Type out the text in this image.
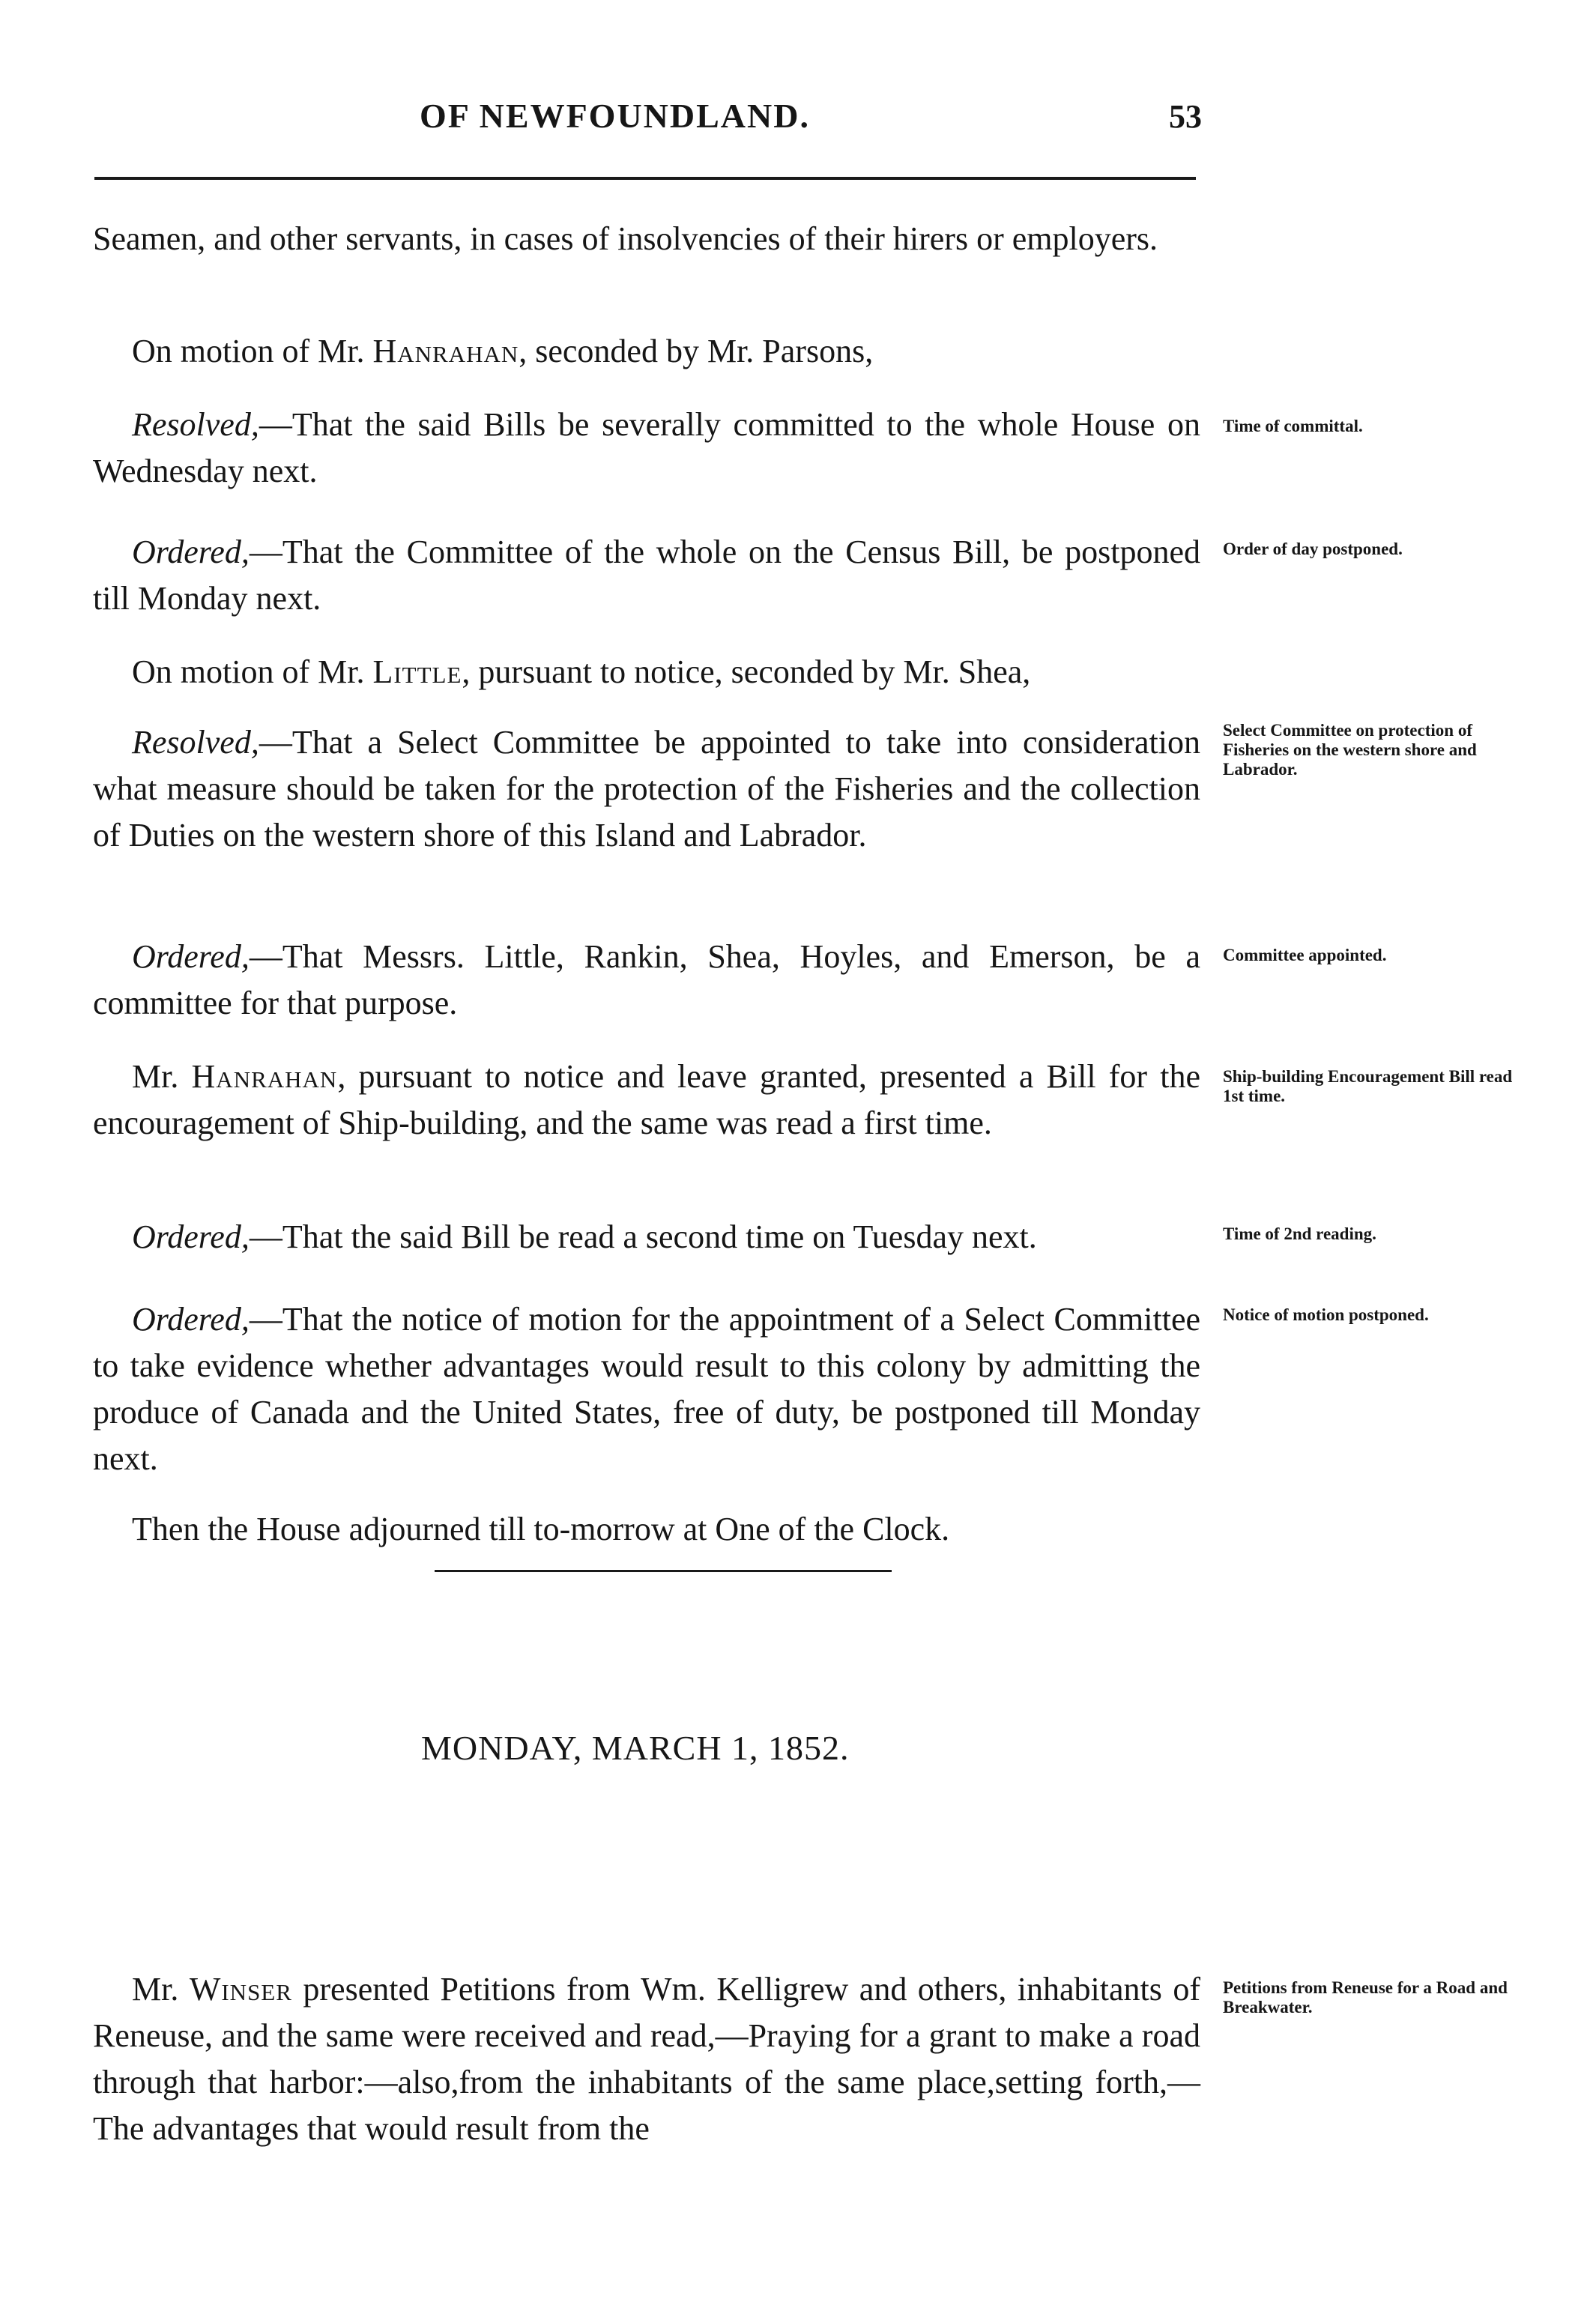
OF NEWFOUNDLAND.	53

Seamen, and other servants, in cases of insolvencies of their hirers or employers.

On motion of Mr. Hanrahan, seconded by Mr. Parsons,

Resolved,—That the said Bills be severally committed to the whole House on Wednesday next.

Ordered,—That the Committee of the whole on the Census Bill, be postponed till Monday next.

On motion of Mr. Little, pursuant to notice, seconded by Mr. Shea,

Resolved,—That a Select Committee be appointed to take into consideration what measure should be taken for the protection of the Fisheries and the collection of Duties on the western shore of this Island and Labrador.

Ordered,—That Messrs. Little, Rankin, Shea, Hoyles, and Emerson, be a committee for that purpose.

Mr. Hanrahan, pursuant to notice and leave granted, presented a Bill for the encouragement of Ship-building, and the same was read a first time.

Ordered,—That the said Bill be read a second time on Tuesday next.

Ordered,—That the notice of motion for the appointment of a Select Committee to take evidence whether advantages would result to this colony by admitting the produce of Canada and the United States, free of duty, be postponed till Monday next.

Then the House adjourned till to-morrow at One of the Clock.

MONDAY, MARCH 1, 1852.

Mr. Winser presented Petitions from Wm. Kelligrew and others, inhabitants of Reneuse, and the same were received and read,—Praying for a grant to make a road through that harbor:—also,from the inhabitants of the same place,setting forth,—The advantages that would result from the

Time of committal.
Order of day postponed.
Select Committee on protection of Fisheries on the western shore and Labrador.
Committee appointed.
Ship-building Encouragement Bill read 1st time.
Time of 2nd reading.
Notice of motion postponed.
Petitions from Reneuse for a Road and Breakwater.
